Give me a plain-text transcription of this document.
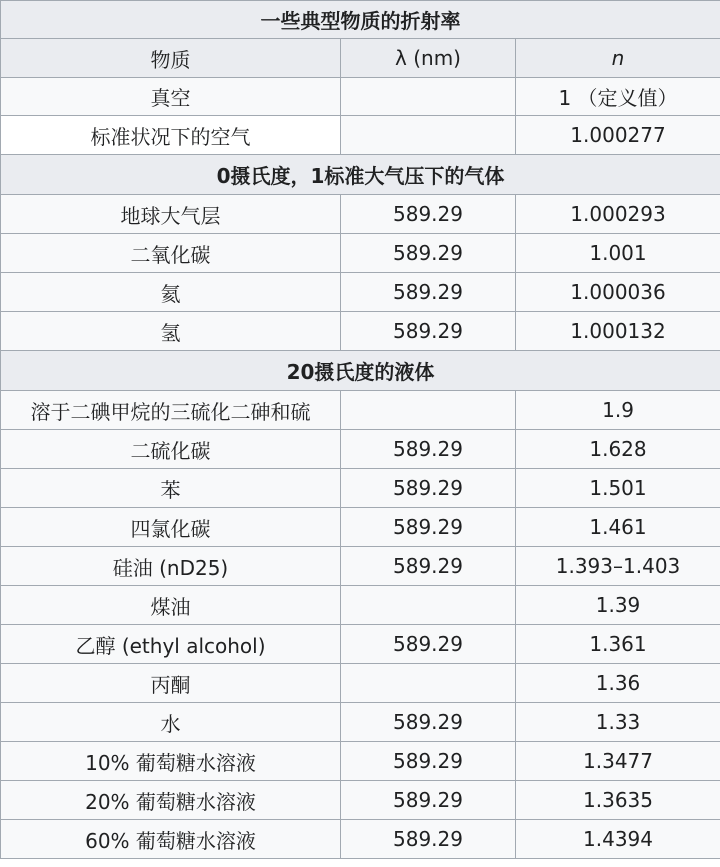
一些典型物质的折射率		
物质	λ (nm)	n
真空		1 （定义值）
标准状况下的空气		1.000277
0摄氏度，1标准大气压下的气体		
地球大气层	589.29	1.000293
二氧化碳	589.29	1.001
氦	589.29	1.000036
氢	589.29	1.000132
20摄氏度的液体		
溶于二碘甲烷的三硫化二砷和硫		1.9
二硫化碳	589.29	1.628
苯	589.29	1.501
四氯化碳	589.29	1.461
硅油 (nD25)	589.29	1.393–1.403
煤油		1.39
乙醇 (ethyl alcohol)	589.29	1.361
丙酮		1.36
水	589.29	1.33
10% 葡萄糖水溶液	589.29	1.3477
20% 葡萄糖水溶液	589.29	1.3635
60% 葡萄糖水溶液	589.29	1.4394
